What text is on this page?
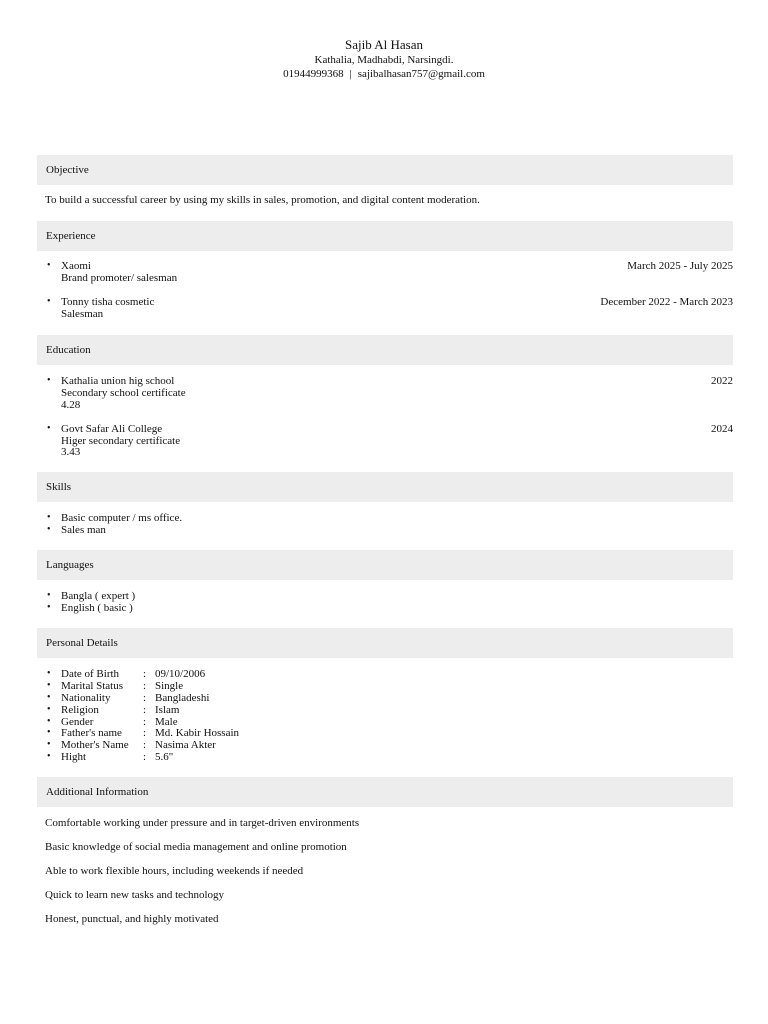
Sajib Al Hasan
Kathalia, Madhabdi, Narsingdi.
01944999368 | sajibalhasan757@gmail.com
Objective
To build a successful career by using my skills in sales, promotion, and digital content moderation.
Experience
• Xaomi	March 2025 - July 2025
Brand promoter/ salesman
• Tonny tisha cosmetic	December 2022 - March 2023
Salesman
Education
• Kathalia union hig school	2022
Secondary school certificate
4.28
• Govt Safar Ali College	2024
Higer secondary certificate
3.43
Skills
• Basic computer / ms office.
• Sales man
Languages
• Bangla ( expert )
• English ( basic )
Personal Details
• Date of Birth	: 09/10/2006
• Marital Status	: Single
• Nationality	: Bangladeshi
• Religion	: Islam
• Gender	: Male
• Father's name	: Md. Kabir Hossain
• Mother's Name	: Nasima Akter
• Hight	: 5.6"
Additional Information

Comfortable working under pressure and in target-driven environments

Basic knowledge of social media management and online promotion

Able to work flexible hours, including weekends if needed

Quick to learn new tasks and technology

Honest, punctual, and highly motivated
